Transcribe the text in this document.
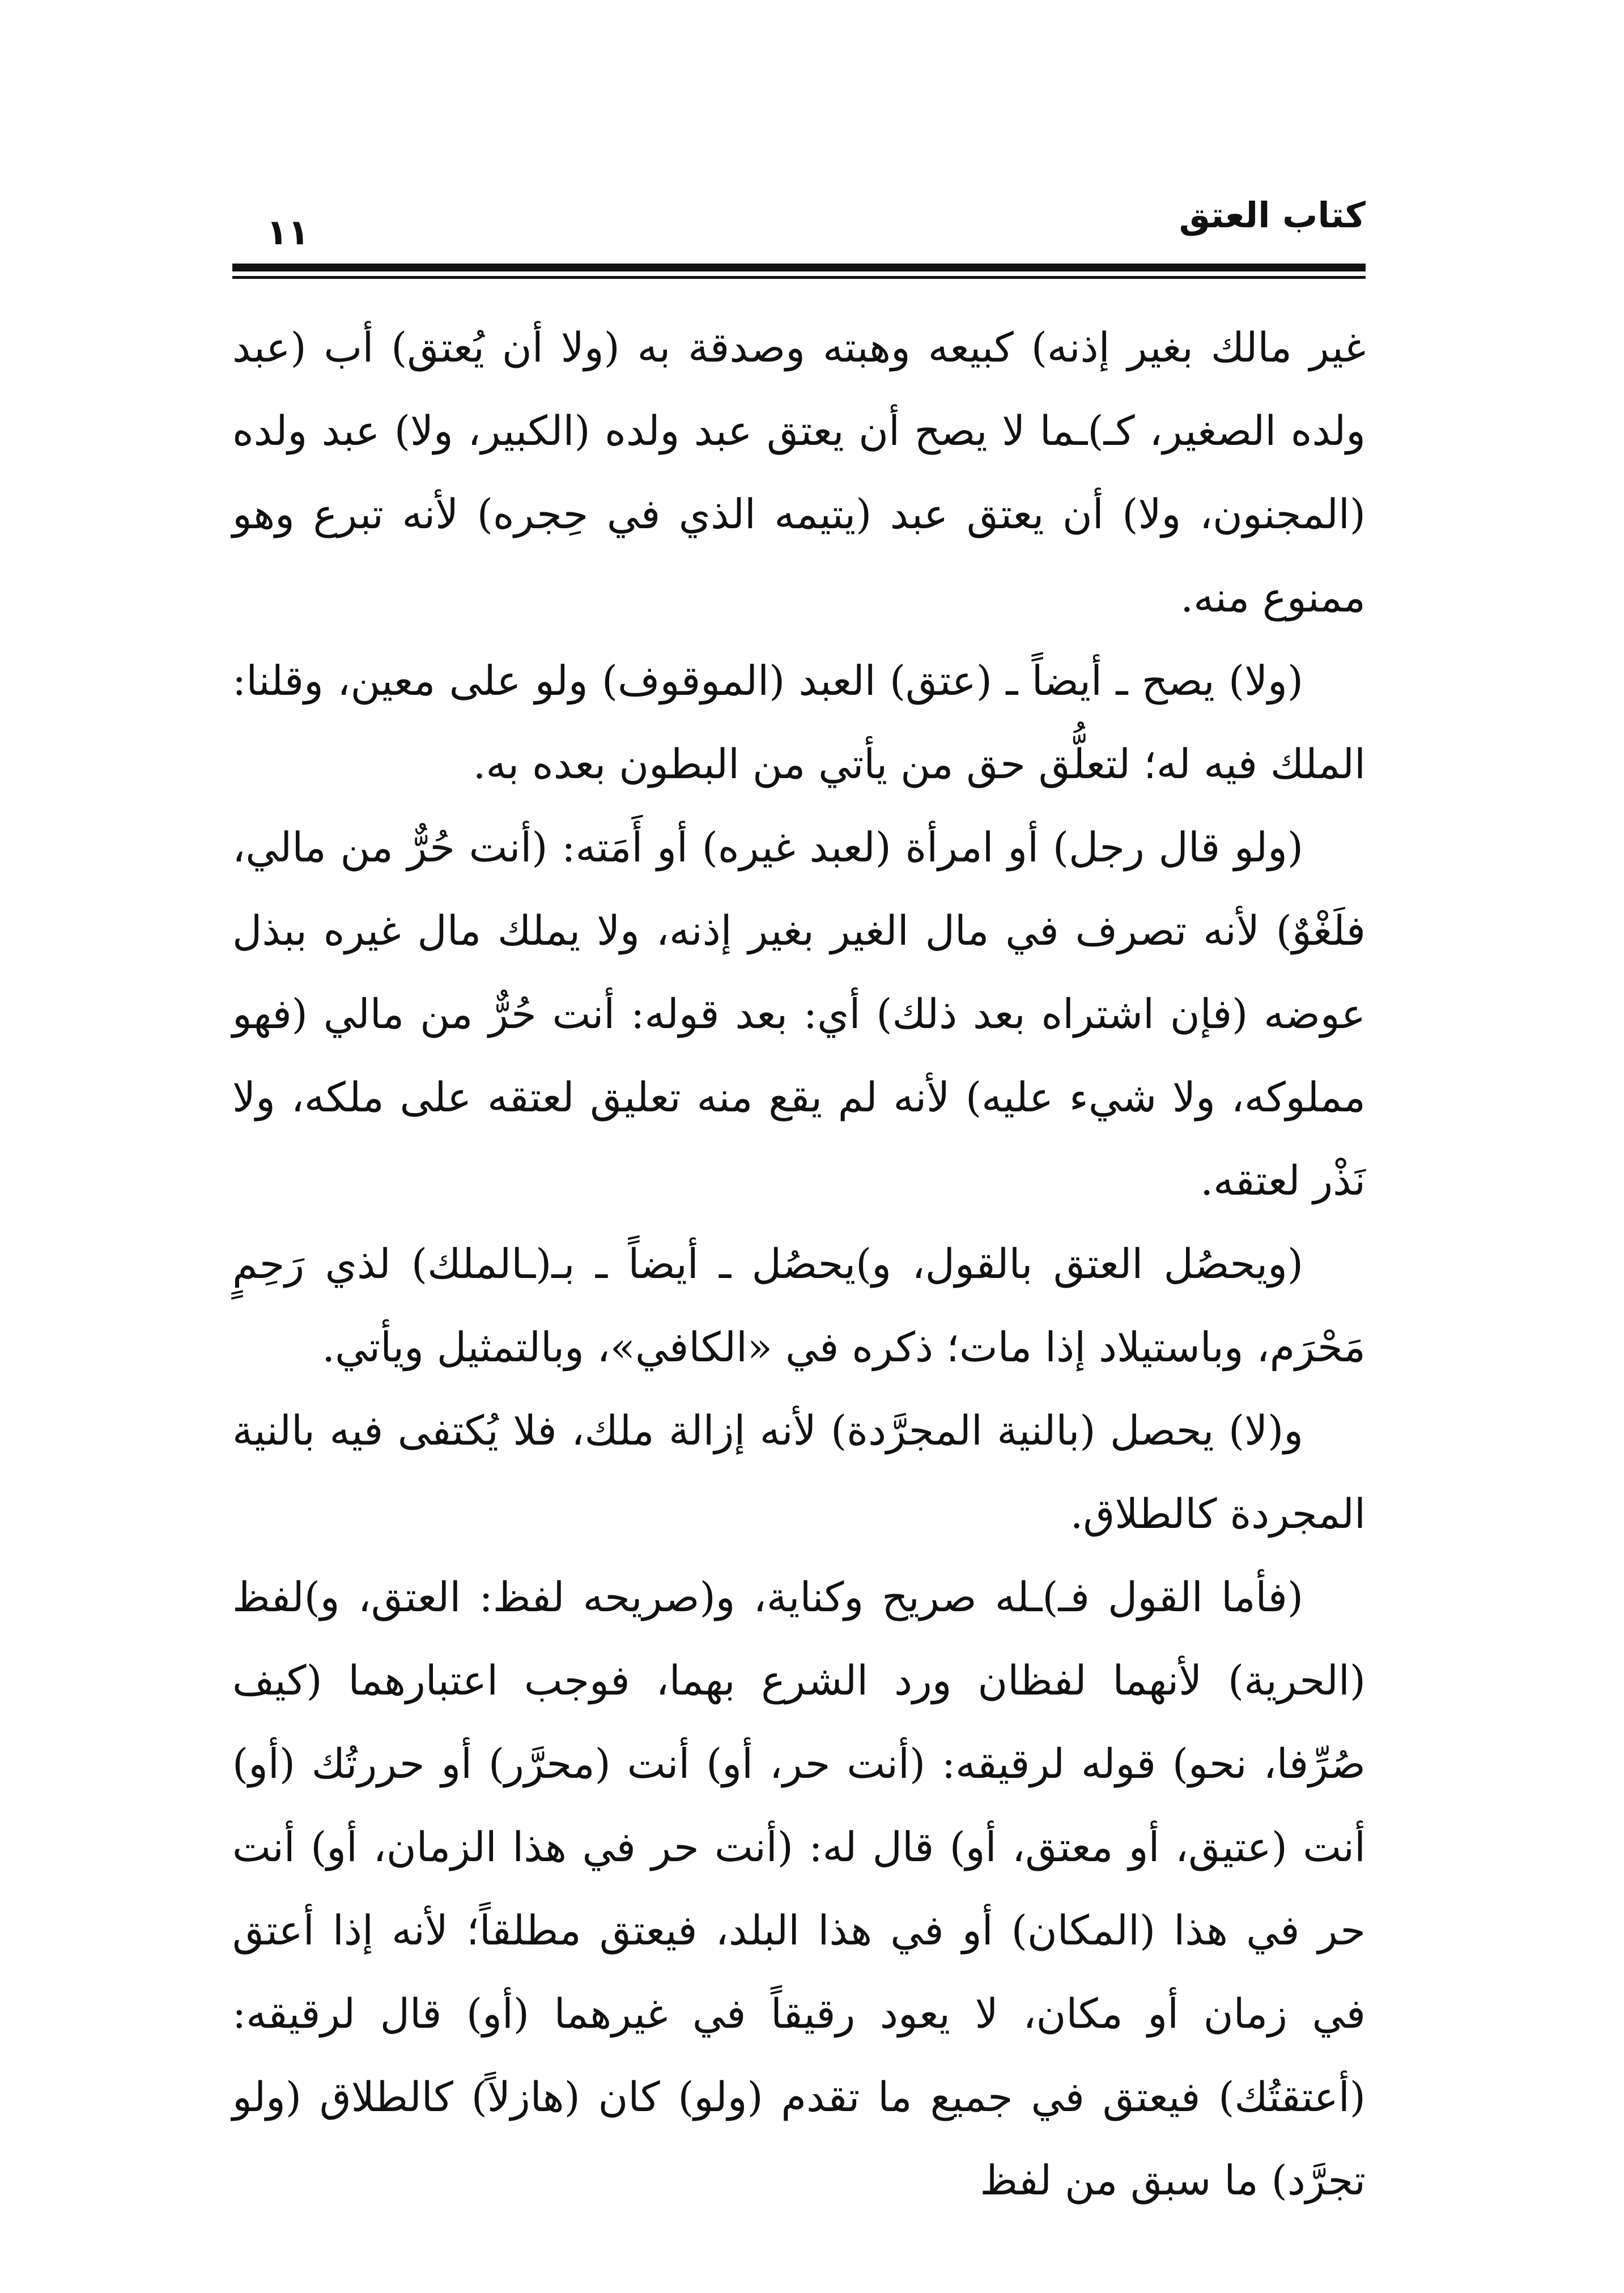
كتاب العتق
١١

غير مالك بغير إذنه) كبيعه وهبته وصدقة به (ولا أن يُعتق) أب (عبد ولده الصغير، كـ)ـما لا يصح أن يعتق عبد ولده (الكبير، ولا) عبد ولده (المجنون، ولا) أن يعتق عبد (يتيمه الذي في حِجره) لأنه تبرع وهو ممنوع منه.

(ولا) يصح ـ أيضاً ـ (عتق) العبد (الموقوف) ولو على معين، وقلنا: الملك فيه له؛ لتعلُّق حق من يأتي من البطون بعده به.

(ولو قال رجل) أو امرأة (لعبد غيره) أو أَمَته: (أنت حُرٌّ من مالي، فلَغْوٌ) لأنه تصرف في مال الغير بغير إذنه، ولا يملك مال غيره ببذل عوضه (فإن اشتراه بعد ذلك) أي: بعد قوله: أنت حُرٌّ من مالي (فهو مملوكه، ولا شيء عليه) لأنه لم يقع منه تعليق لعتقه على ملكه، ولا نَذْر لعتقه.

(ويحصُل العتق بالقول، و)يحصُل ـ أيضاً ـ بـ(ـالملك) لذي رَحِمٍ مَحْرَم، وباستيلاد إذا مات؛ ذكره في «الكافي»، وبالتمثيل ويأتي.

و(لا) يحصل (بالنية المجرَّدة) لأنه إزالة ملك، فلا يُكتفى فيه بالنية المجردة كالطلاق.

(فأما القول فـ)ـله صريح وكناية، و(صريحه لفظ: العتق، و)لفظ (الحرية) لأنهما لفظان ورد الشرع بهما، فوجب اعتبارهما (كيف صُرِّفا، نحو) قوله لرقيقه: (أنت حر، أو) أنت (محرَّر) أو حررتُك (أو) أنت (عتيق، أو معتق، أو) قال له: (أنت حر في هذا الزمان، أو) أنت حر في هذا (المكان) أو في هذا البلد، فيعتق مطلقاً؛ لأنه إذا أعتق في زمان أو مكان، لا يعود رقيقاً في غيرهما (أو) قال لرقيقه: (أعتقتُك) فيعتق في جميع ما تقدم (ولو) كان (هازلاً) كالطلاق (ولو تجرَّد) ما سبق من لفظ
